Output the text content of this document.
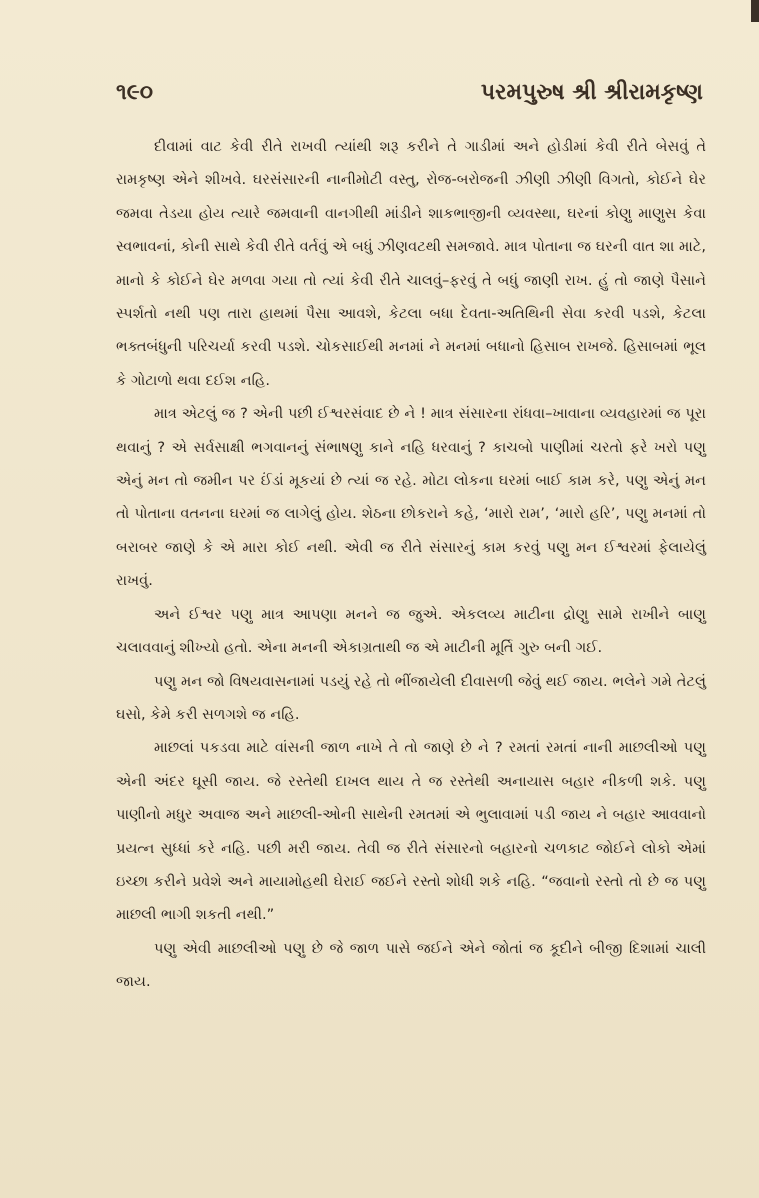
૧૯૦	પરમપુરુષ શ્રી શ્રીરામકૃષ્ણ

દીવામાં વાટ કેવી રીતે રાખવી ત્યાંથી શરૂ કરીને તે ગાડીમાં અને હોડીમાં કેવી રીતે બેસવું તે રામકૃષ્ણ એને શીખવે. ઘરસંસારની નાનીમોટી વસ્તુ, રોજ-બરોજની ઝીણી ઝીણી વિગતો, કોઈને ઘેર જમવા તેડયા હોય ત્યારે જમવાની વાનગીથી માંડીને શાકભાજીની વ્યવસ્થા, ઘરનાં કોણુ માણુસ કેવા સ્વભાવનાં, કોની સાથે કેવી રીતે વર્તવું એ બધું ઝીણવટથી સમજાવે. માત્ર પોતાના જ ઘરની વાત શા માટે, માનો કે કોઈને ઘેર મળવા ગયા તો ત્યાં કેવી રીતે ચાલવું–ફરવું તે બધું જાણી રાખ. હું તો જાણે પૈસાને સ્પર્શતો નથી પણ તારા હાથમાં પૈસા આવશે, કેટલા બધા દેવતા-અતિથિની સેવા કરવી પડશે, કેટલા ભક્તબંધુની પરિચર્યા કરવી પડશે. ચોકસાઈથી મનમાં ને મનમાં બધાનો હિસાબ રાખજે. હિસાબમાં ભૂલ કે ગોટાળો થવા દઈશ નહિ.

માત્ર એટલું જ ? એની પછી ઈશ્વરસંવાદ છે ને ! માત્ર સંસારના રાંધવા–ખાવાના વ્યવહારમાં જ પૂરા થવાનું ? એ સર્વસાક્ષી ભગવાનનું સંભાષણુ કાને નહિ ધરવાનું ? કાચબો પાણીમાં ચરતો ફરે ખરો પણુ એનું મન તો જમીન પર ઈંડાં મૂકયાં છે ત્યાં જ રહે. મોટા લોકના ઘરમાં બાઈ કામ કરે, પણુ એનું મન તો પોતાના વતનના ઘરમાં જ લાગેલું હોય. શેઠના છોકરાને કહે, ‘મારો રામ’, ‘મારો હરિ’, પણુ મનમાં તો બરાબર જાણે કે એ મારા કોઈ નથી. એવી જ રીતે સંસારનું કામ કરવું પણુ મન ઈશ્વરમાં ફેલાયેલું રાખવું.

અને ઈશ્વર પણુ માત્ર આપણા મનને જ જુએ. એકલવ્ય માટીના દ્રોણુ સામે રાખીને બાણુ ચલાવવાનું શીખ્યો હતો. એના મનની એકાગ્રતાથી જ એ માટીની મૂર્તિ ગુરુ બની ગઈ.

પણુ મન જો વિષયવાસનામાં પડયું રહે તો ભીંજાયેલી દીવાસળી જેવું થઈ જાય. ભલેને ગમે તેટલું ઘસો, કેમે કરી સળગશે જ નહિ.

માછલાં પકડવા માટે વાંસની જાળ નાખે તે તો જાણે છે ને ? રમતાં રમતાં નાની માછલીઓ પણુ એની અંદર ઘૂસી જાય. જે રસ્તેથી દાખલ થાય તે જ રસ્તેથી અનાયાસ બહાર નીકળી શકે. પણુ પાણીનો મધુર અવાજ અને માછલી-ઓની સાથેની રમતમાં એ ભુલાવામાં પડી જાય ને બહાર આવવાનો પ્રયત્ન સુધ્ધાં કરે નહિ. પછી મરી જાય. તેવી જ રીતે સંસારનો બહારનો ચળકાટ જોઈને લોકો એમાં ઇચ્છા કરીને પ્રવેશે અને માયામોહથી ઘેરાઈ જઈને રસ્તો શોધી શકે નહિ. “જવાનો રસ્તો તો છે જ પણુ માછલી ભાગી શકતી નથી.”

પણુ એવી માછલીઓ પણુ છે જે જાળ પાસે જઈને એને જોતાં જ કૂદીને બીજી દિશામાં ચાલી જાય.
